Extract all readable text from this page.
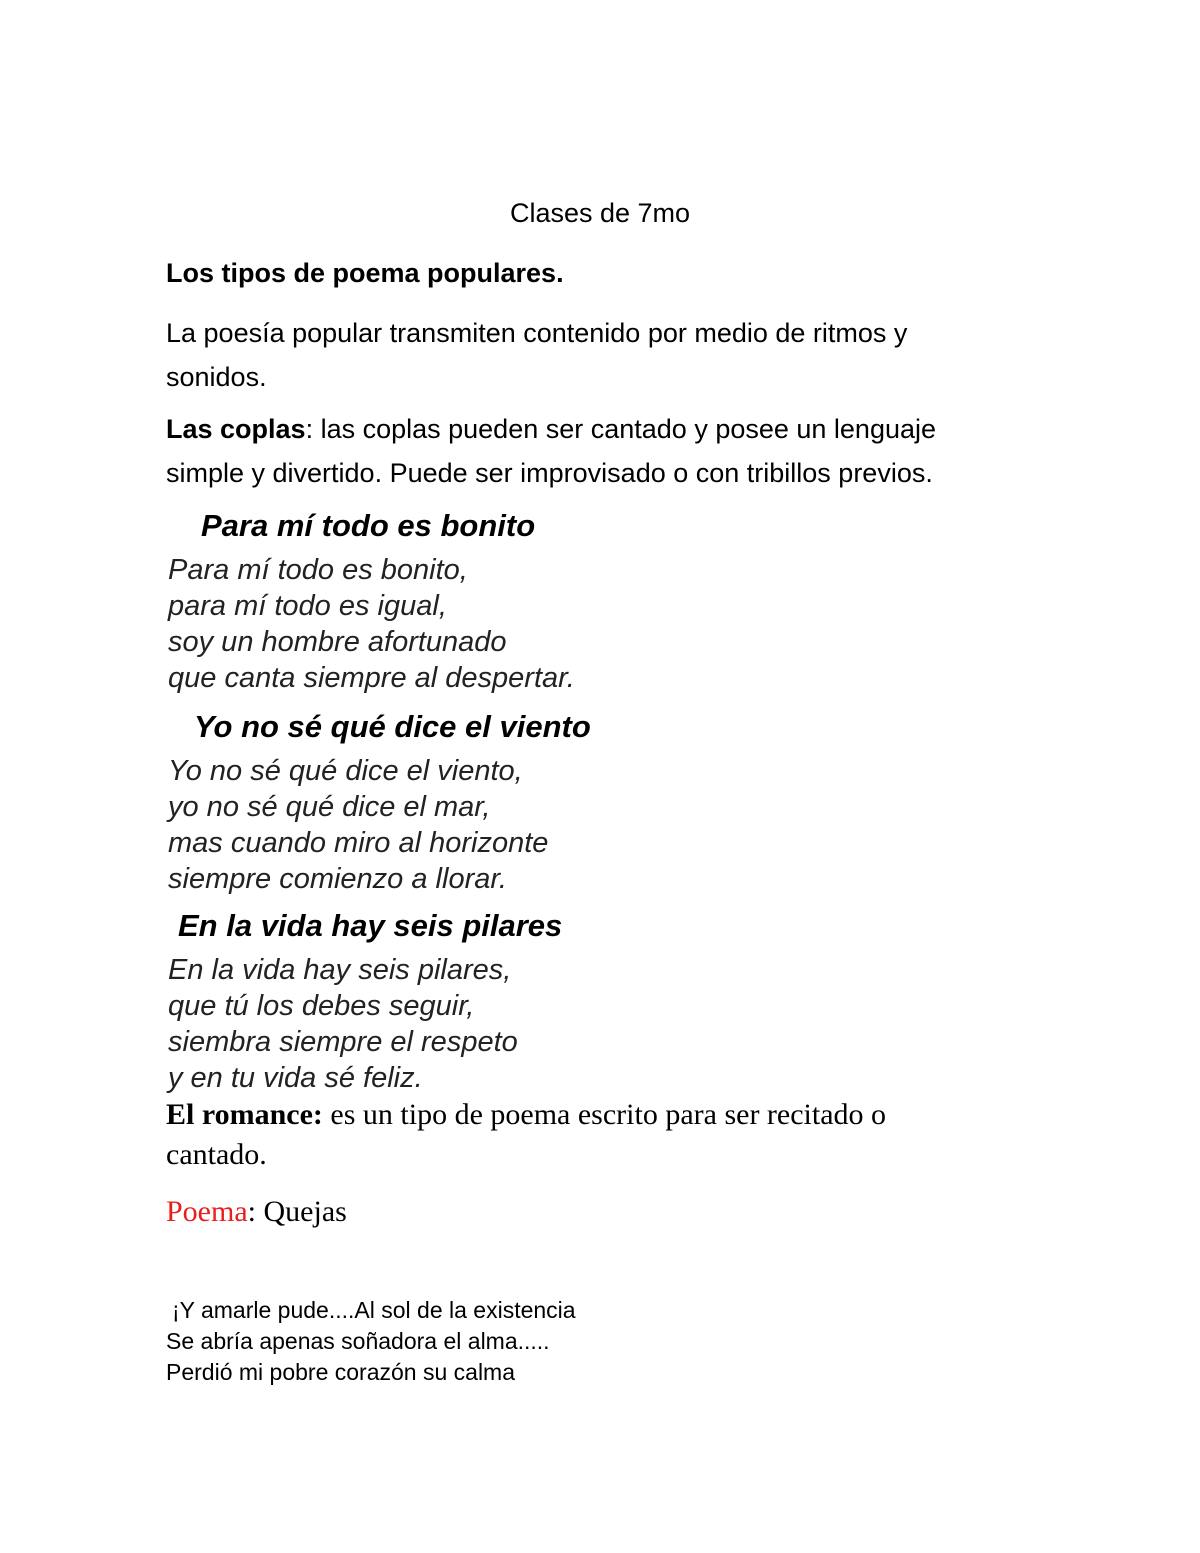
Clases de 7mo
Los tipos de poema populares.
La poesía popular transmiten contenido por medio de ritmos y
sonidos.
Las coplas: las coplas pueden ser cantado y posee un lenguaje
simple y divertido. Puede ser improvisado o con tribillos previos.
Para mí todo es bonito
Para mí todo es bonito,
para mí todo es igual,
soy un hombre afortunado
que canta siempre al despertar.
Yo no sé qué dice el viento
Yo no sé qué dice el viento,
yo no sé qué dice el mar,
mas cuando miro al horizonte
siempre comienzo a llorar.
En la vida hay seis pilares
En la vida hay seis pilares,
que tú los debes seguir,
siembra siempre el respeto
y en tu vida sé feliz.
El romance: es un tipo de poema escrito para ser recitado o
cantado.
Poema: Quejas
¡Y amarle pude....Al sol de la existencia
Se abría apenas soñadora el alma.....
Perdió mi pobre corazón su calma
